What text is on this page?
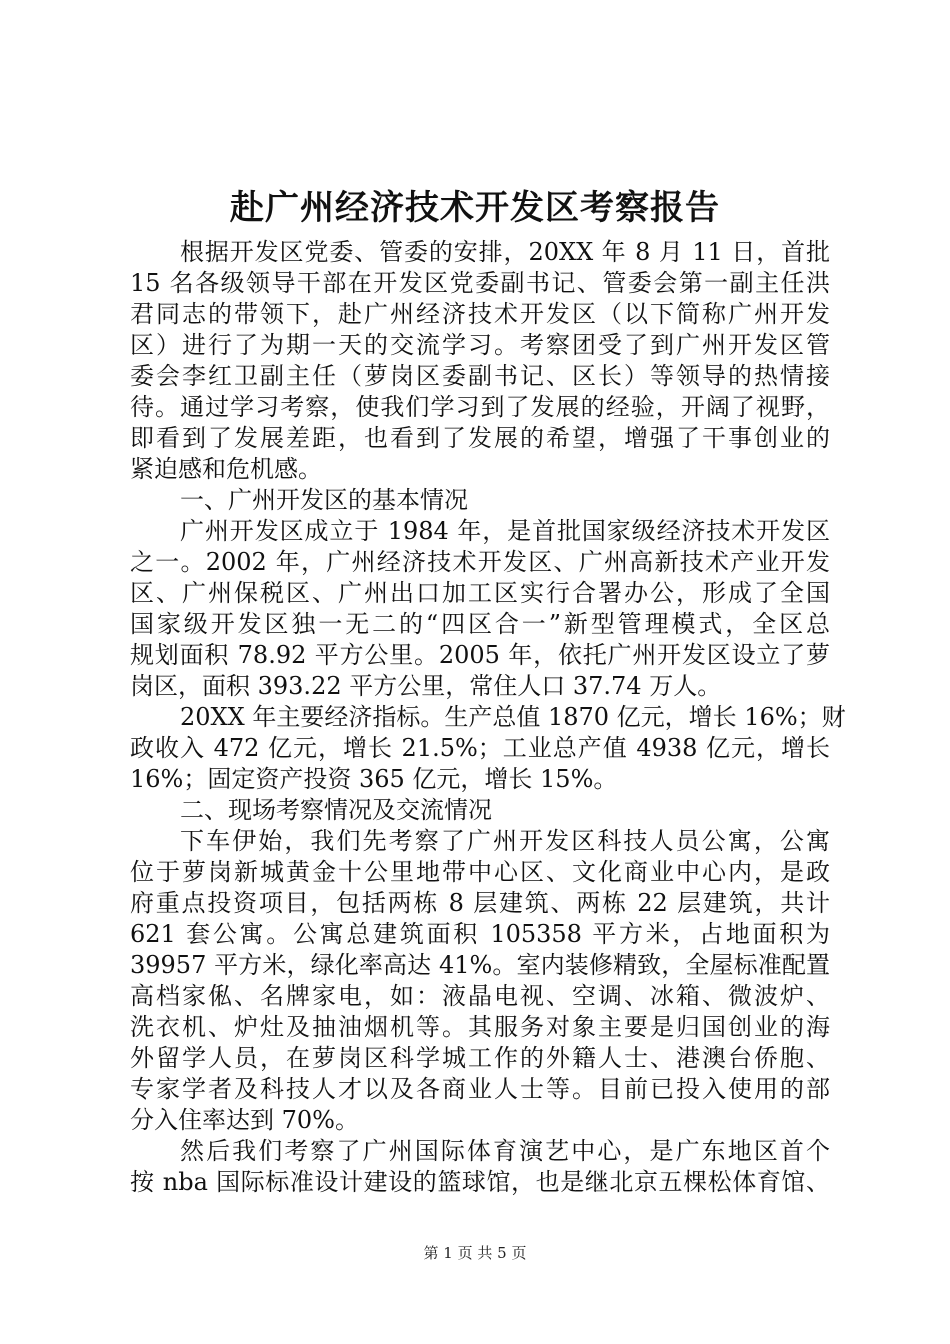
赴广州经济技术开发区考察报告
根据开发区党委、管委的安排，20XX 年 8 月 11 日，首批
15 名各级领导干部在开发区党委副书记、管委会第一副主任洪
君同志的带领下，赴广州经济技术开发区（以下简称广州开发
区）进行了为期一天的交流学习。考察团受了到广州开发区管
委会李红卫副主任（萝岗区委副书记、区长）等领导的热情接
待。通过学习考察，使我们学习到了发展的经验，开阔了视野，
即看到了发展差距，也看到了发展的希望，增强了干事创业的
紧迫感和危机感。
一、广州开发区的基本情况
广州开发区成立于 1984 年，是首批国家级经济技术开发区
之一。2002 年，广州经济技术开发区、广州高新技术产业开发
区、广州保税区、广州出口加工区实行合署办公，形成了全国
国家级开发区独一无二的“四区合一”新型管理模式，全区总
规划面积 78.92 平方公里。2005 年，依托广州开发区设立了萝
岗区，面积 393.22 平方公里，常住人口 37.74 万人。
20XX 年主要经济指标。生产总值 1870 亿元，增长 16%；财
政收入 472 亿元，增长 21.5%；工业总产值 4938 亿元，增长
16%；固定资产投资 365 亿元，增长 15%。
二、现场考察情况及交流情况
下车伊始，我们先考察了广州开发区科技人员公寓，公寓
位于萝岗新城黄金十公里地带中心区、文化商业中心内，是政
府重点投资项目，包括两栋 8 层建筑、两栋 22 层建筑，共计
621 套公寓。公寓总建筑面积 105358 平方米，占地面积为
39957 平方米，绿化率高达 41%。室内装修精致，全屋标准配置
高档家俬、名牌家电，如：液晶电视、空调、冰箱、微波炉、
洗衣机、炉灶及抽油烟机等。其服务对象主要是归国创业的海
外留学人员，在萝岗区科学城工作的外籍人士、港澳台侨胞、
专家学者及科技人才以及各商业人士等。目前已投入使用的部
分入住率达到 70%。
然后我们考察了广州国际体育演艺中心，是广东地区首个
按 nba 国际标准设计建设的篮球馆，也是继北京五棵松体育馆、
第 1 页 共 5 页
